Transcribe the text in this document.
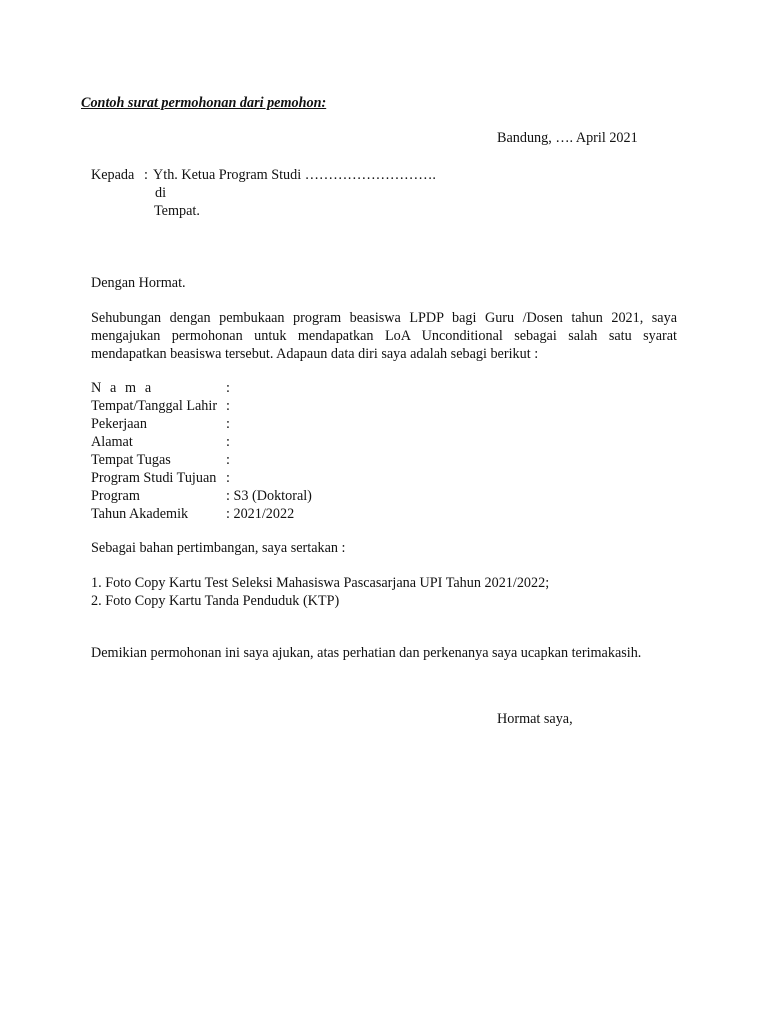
Contoh surat permohonan dari pemohon:
Bandung, …. April 2021
Kepada : Yth. Ketua Program Studi ……………………….
di
Tempat.
Dengan Hormat.
Sehubungan dengan pembukaan program beasiswa LPDP bagi Guru /Dosen tahun 2021, saya mengajukan permohonan untuk mendapatkan LoA Unconditional sebagai salah satu syarat mendapatkan beasiswa tersebut. Adapaun data diri saya adalah sebagi berikut :
N a m a	:
Tempat/Tanggal Lahir :
Pekerjaan	:
Alamat	:
Tempat Tugas	:
Program Studi Tujuan :
Program	: S3 (Doktoral)
Tahun Akademik	: 2021/2022
Sebagai bahan pertimbangan, saya sertakan :
1. Foto Copy Kartu Test Seleksi Mahasiswa Pascasarjana UPI Tahun 2021/2022;
2. Foto Copy Kartu Tanda Penduduk (KTP)
Demikian permohonan ini saya ajukan, atas perhatian dan perkenanya saya ucapkan terimakasih.
Hormat saya,
